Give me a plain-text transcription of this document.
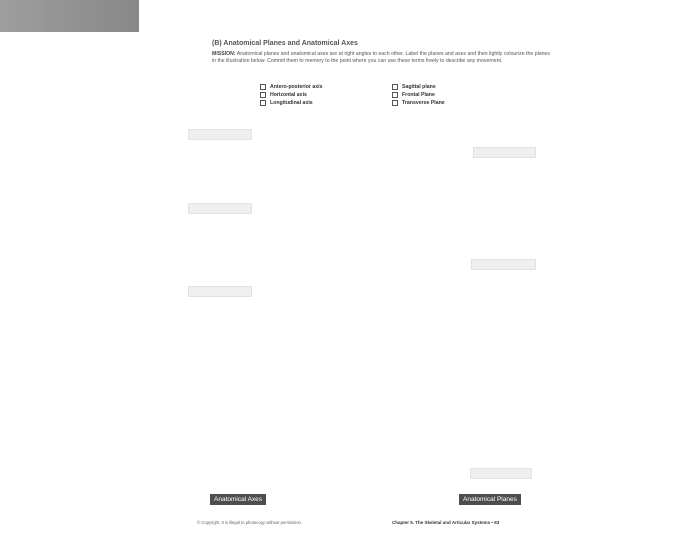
(B) Anatomical Planes and Anatomical Axes
MISSION: Anatomical planes and anatomical axes are at right angles to each other. Label the planes and axes and then lightly colourize the planes in the illustration below. Commit them to memory to the point where you can use these terms freely to describe any movement.
Antero-posterior axis
Horizontal axis
Longitudinal axis
Sagittal plane
Frontal Plane
Transverse Plane
Anatomical Axes	Anatomical Planes
© Copyright. It is illegal to photocopy without permission.	Chapter 5. The Skeletal and Articular Systems • 63
